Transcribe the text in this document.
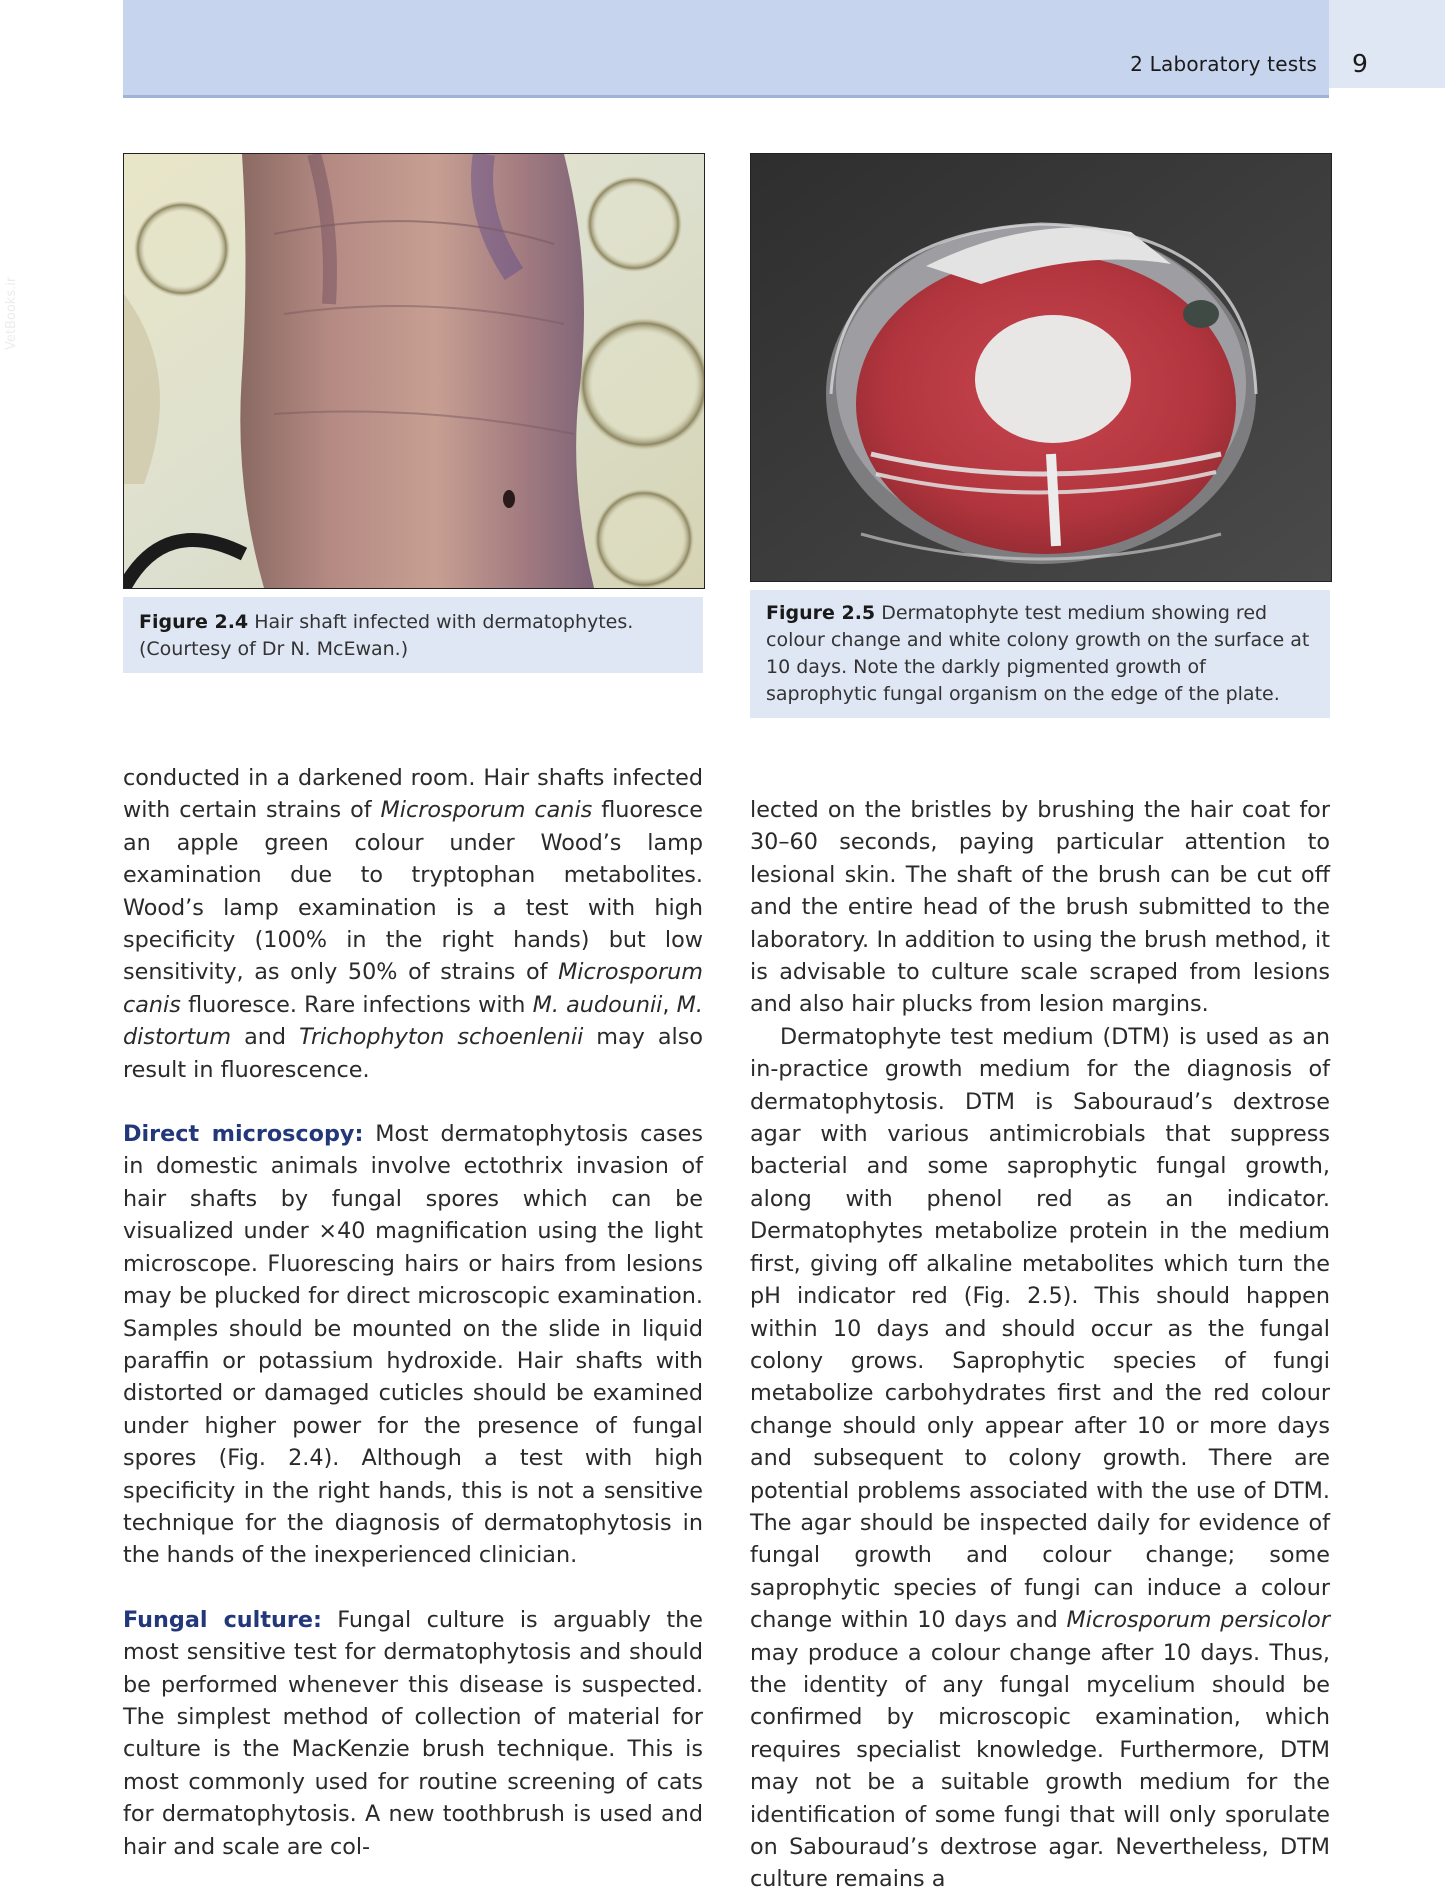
2 Laboratory tests 9
VetBooks.ir
Figure 2.4 Hair shaft infected with dermatophytes. (Courtesy of Dr N. McEwan.)
Figure 2.5 Dermatophyte test medium showing red colour change and white colony growth on the surface at 10 days. Note the darkly pigmented growth of saprophytic fungal organism on the edge of the plate.

conducted in a darkened room. Hair shafts infected with certain strains of Microsporum canis fluoresce an apple green colour under Wood’s lamp examination due to tryptophan metabolites. Wood’s lamp examination is a test with high specificity (100% in the right hands) but low sensitivity, as only 50% of strains of Microsporum canis fluoresce. Rare infections with M. audounii, M. distortum and Trichophyton schoenlenii may also result in fluorescence.

Direct microscopy: Most dermatophytosis cases in domestic animals involve ectothrix invasion of hair shafts by fungal spores which can be visualized under ×40 magnification using the light microscope. Fluorescing hairs or hairs from lesions may be plucked for direct microscopic examination. Samples should be mounted on the slide in liquid paraffin or potassium hydroxide. Hair shafts with distorted or damaged cuticles should be examined under higher power for the presence of fungal spores (Fig. 2.4). Although a test with high specificity in the right hands, this is not a sensitive technique for the diagnosis of dermatophytosis in the hands of the inexperienced clinician.

Fungal culture: Fungal culture is arguably the most sensitive test for dermatophytosis and should be performed whenever this disease is suspected. The simplest method of collection of material for culture is the MacKenzie brush technique. This is most commonly used for routine screening of cats for dermatophytosis. A new toothbrush is used and hair and scale are col-

lected on the bristles by brushing the hair coat for 30–60 seconds, paying particular attention to lesional skin. The shaft of the brush can be cut off and the entire head of the brush submitted to the laboratory. In addition to using the brush method, it is advisable to culture scale scraped from lesions and also hair plucks from lesion margins.

Dermatophyte test medium (DTM) is used as an in-practice growth medium for the diagnosis of dermatophytosis. DTM is Sabouraud’s dextrose agar with various antimicrobials that suppress bacterial and some saprophytic fungal growth, along with phenol red as an indicator. Dermatophytes metabolize protein in the medium first, giving off alkaline metabolites which turn the pH indicator red (Fig. 2.5). This should happen within 10 days and should occur as the fungal colony grows. Saprophytic species of fungi metabolize carbohydrates first and the red colour change should only appear after 10 or more days and subsequent to colony growth. There are potential problems associated with the use of DTM. The agar should be inspected daily for evidence of fungal growth and colour change; some saprophytic species of fungi can induce a colour change within 10 days and Microsporum persicolor may produce a colour change after 10 days. Thus, the identity of any fungal mycelium should be confirmed by microscopic examination, which requires specialist knowledge. Furthermore, DTM may not be a suitable growth medium for the identification of some fungi that will only sporulate on Sabouraud’s dextrose agar. Nevertheless, DTM culture remains a
